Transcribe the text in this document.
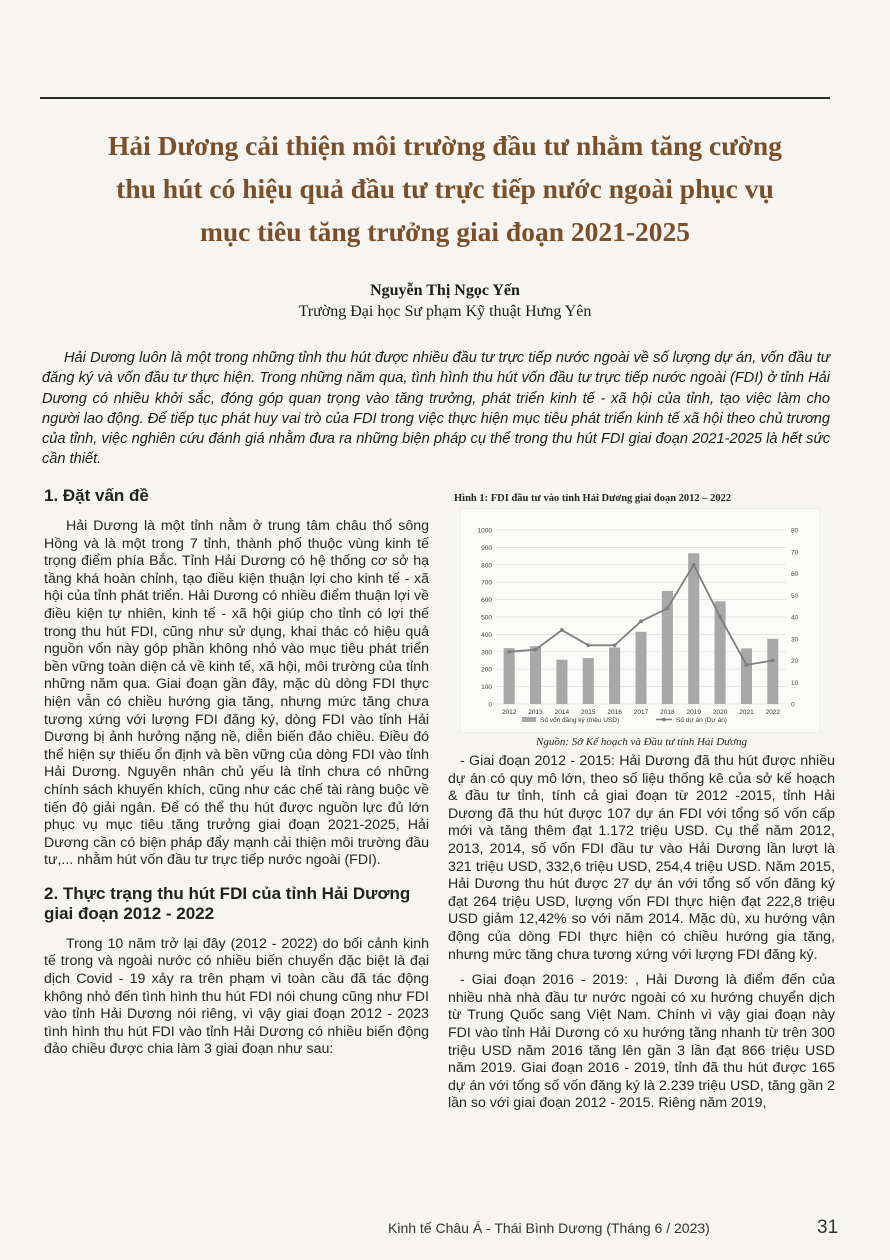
Hải Dương cải thiện môi trường đầu tư nhằm tăng cường
thu hút có hiệu quả đầu tư trực tiếp nước ngoài phục vụ
mục tiêu tăng trưởng giai đoạn 2021-2025
Nguyễn Thị Ngọc Yến
Trường Đại học Sư phạm Kỹ thuật Hưng Yên

Hải Dương luôn là một trong những tỉnh thu hút được nhiều đầu tư trực tiếp nước ngoài về số lượng dự án, vốn đầu tư đăng ký và vốn đầu tư thực hiện. Trong những năm qua, tình hình thu hút vốn đầu tư trực tiếp nước ngoài (FDI) ở tỉnh Hải Dương có nhiều khởi sắc, đóng góp quan trọng vào tăng trưởng, phát triển kinh tế - xã hội của tỉnh, tạo việc làm cho người lao động. Để tiếp tục phát huy vai trò của FDI trong việc thực hiện mục tiêu phát triển kinh tế xã hội theo chủ trương của tỉnh, việc nghiên cứu đánh giá nhằm đưa ra những biện pháp cụ thể trong thu hút FDI giai đoạn 2021-2025 là hết sức cần thiết.

1. Đặt vấn đề

Hải Dương là một tỉnh nằm ở trung tâm châu thổ sông Hồng và là một trong 7 tỉnh, thành phố thuộc vùng kinh tế trọng điểm phía Bắc. Tỉnh Hải Dương có hệ thống cơ sở hạ tầng khá hoàn chỉnh, tạo điều kiện thuận lợi cho kinh tế - xã hội của tỉnh phát triển. Hải Dương có nhiều điểm thuận lợi về điều kiện tự nhiên, kinh tế - xã hội giúp cho tỉnh có lợi thế trong thu hút FDI, cũng như sử dụng, khai thác có hiệu quả nguồn vốn này góp phần không nhỏ vào mục tiêu phát triển bền vững toàn diện cả về kinh tế, xã hội, môi trường của tỉnh những năm qua. Giai đoạn gần đây, mặc dù dòng FDI thực hiện vẫn có chiều hướng gia tăng, nhưng mức tăng chưa tương xứng với lượng FDI đăng ký, dòng FDI vào tỉnh Hải Dương bị ảnh hưởng nặng nề, diễn biến đảo chiều. Điều đó thể hiện sự thiếu ổn định và bền vững của dòng FDI vào tỉnh Hải Dương. Nguyên nhân chủ yếu là tỉnh chưa có những chính sách khuyến khích, cũng như các chế tài ràng buộc về tiến độ giải ngân. Để có thể thu hút được nguồn lực đủ lớn phục vụ mục tiêu tăng trưởng giai đoạn 2021-2025, Hải Dương cần có biện pháp đẩy mạnh cải thiện môi trường đầu tư,... nhằm hút vốn đầu tư trực tiếp nước ngoài (FDI).

2. Thực trạng thu hút FDI của tỉnh Hải Dương giai đoạn 2012 - 2022

Trong 10 năm trở lại đây (2012 - 2022) do bối cảnh kinh tế trong và ngoài nước có nhiều biến chuyển đặc biệt là đại dịch Covid - 19 xảy ra trên phạm vi toàn cầu đã tác động không nhỏ đến tình hình thu hút FDI nói chung cũng như FDI vào tỉnh Hải Dương nói riêng, vì vậy giai đoạn 2012 - 2023 tình hình thu hút FDI vào tỉnh Hải Dương có nhiều biến động đảo chiều được chia làm 3 giai đoạn như sau:

Hình 1: FDI đầu tư vào tỉnh Hải Dương giai đoạn 2012 – 2022
0
100
200
300
400
500
600
700
800
900
1000
0
10
20
30
40
50
60
70
80
2012 2013 2014 2015 2016 2017 2018 2019 2020 2021 2022
Số vốn đăng ký (triệu USD)	Số dự án (Dự án)
Nguồn: Sở Kế hoạch và Đầu tư tỉnh Hải Dương

- Giai đoạn 2012 - 2015: Hải Dương đã thu hút được nhiều dự án có quy mô lớn, theo số liệu thống kê của sở kế hoạch & đầu tư tỉnh, tính cả giai đoạn từ 2012 -2015, tỉnh Hải Dương đã thu hút được 107 dự án FDI với tổng số vốn cấp mới và tăng thêm đạt 1.172 triệu USD. Cụ thể năm 2012, 2013, 2014, số vốn FDI đầu tư vào Hải Dương lần lượt là 321 triệu USD, 332,6 triệu USD, 254,4 triệu USD. Năm 2015, Hải Dương thu hút được 27 dự án với tổng số vốn đăng ký đạt 264 triệu USD, lượng vốn FDI thực hiện đạt 222,8 triệu USD giảm 12,42% so với năm 2014. Mặc dù, xu hướng vận động của dòng FDI thực hiện có chiều hướng gia tăng, nhưng mức tăng chưa tương xứng với lượng FDI đăng ký.

- Giai đoạn 2016 - 2019: , Hải Dương là điểm đến của nhiều nhà nhà đầu tư nước ngoài có xu hướng chuyển dịch từ Trung Quốc sang Việt Nam. Chính vì vậy giai đoạn này FDI vào tỉnh Hải Dương có xu hướng tăng nhanh từ trên 300 triệu USD năm 2016 tăng lên gần 3 lần đạt 866 triệu USD năm 2019. Giai đoạn 2016 - 2019, tỉnh đã thu hút được 165 dự án với tổng số vốn đăng ký là 2.239 triệu USD, tăng gần 2 lần so với giai đoạn 2012 - 2015. Riêng năm 2019,

Kinh tế Châu Á - Thái Bình Dương (Tháng 6 / 2023)	31
